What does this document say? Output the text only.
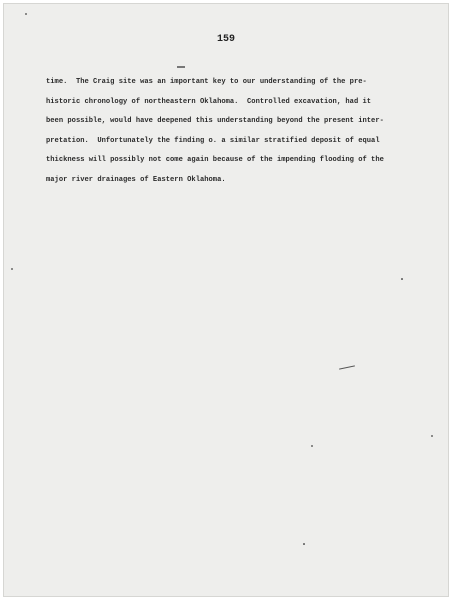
159
time.  The Craig site was an important key to our understanding of the pre-
historic chronology of northeastern Oklahoma.  Controlled excavation, had it
been possible, would have deepened this understanding beyond the present inter-
pretation.  Unfortunately the finding o. a similar stratified deposit of equal
thickness will possibly not come again because of the impending flooding of the
major river drainages of Eastern Oklahoma.
